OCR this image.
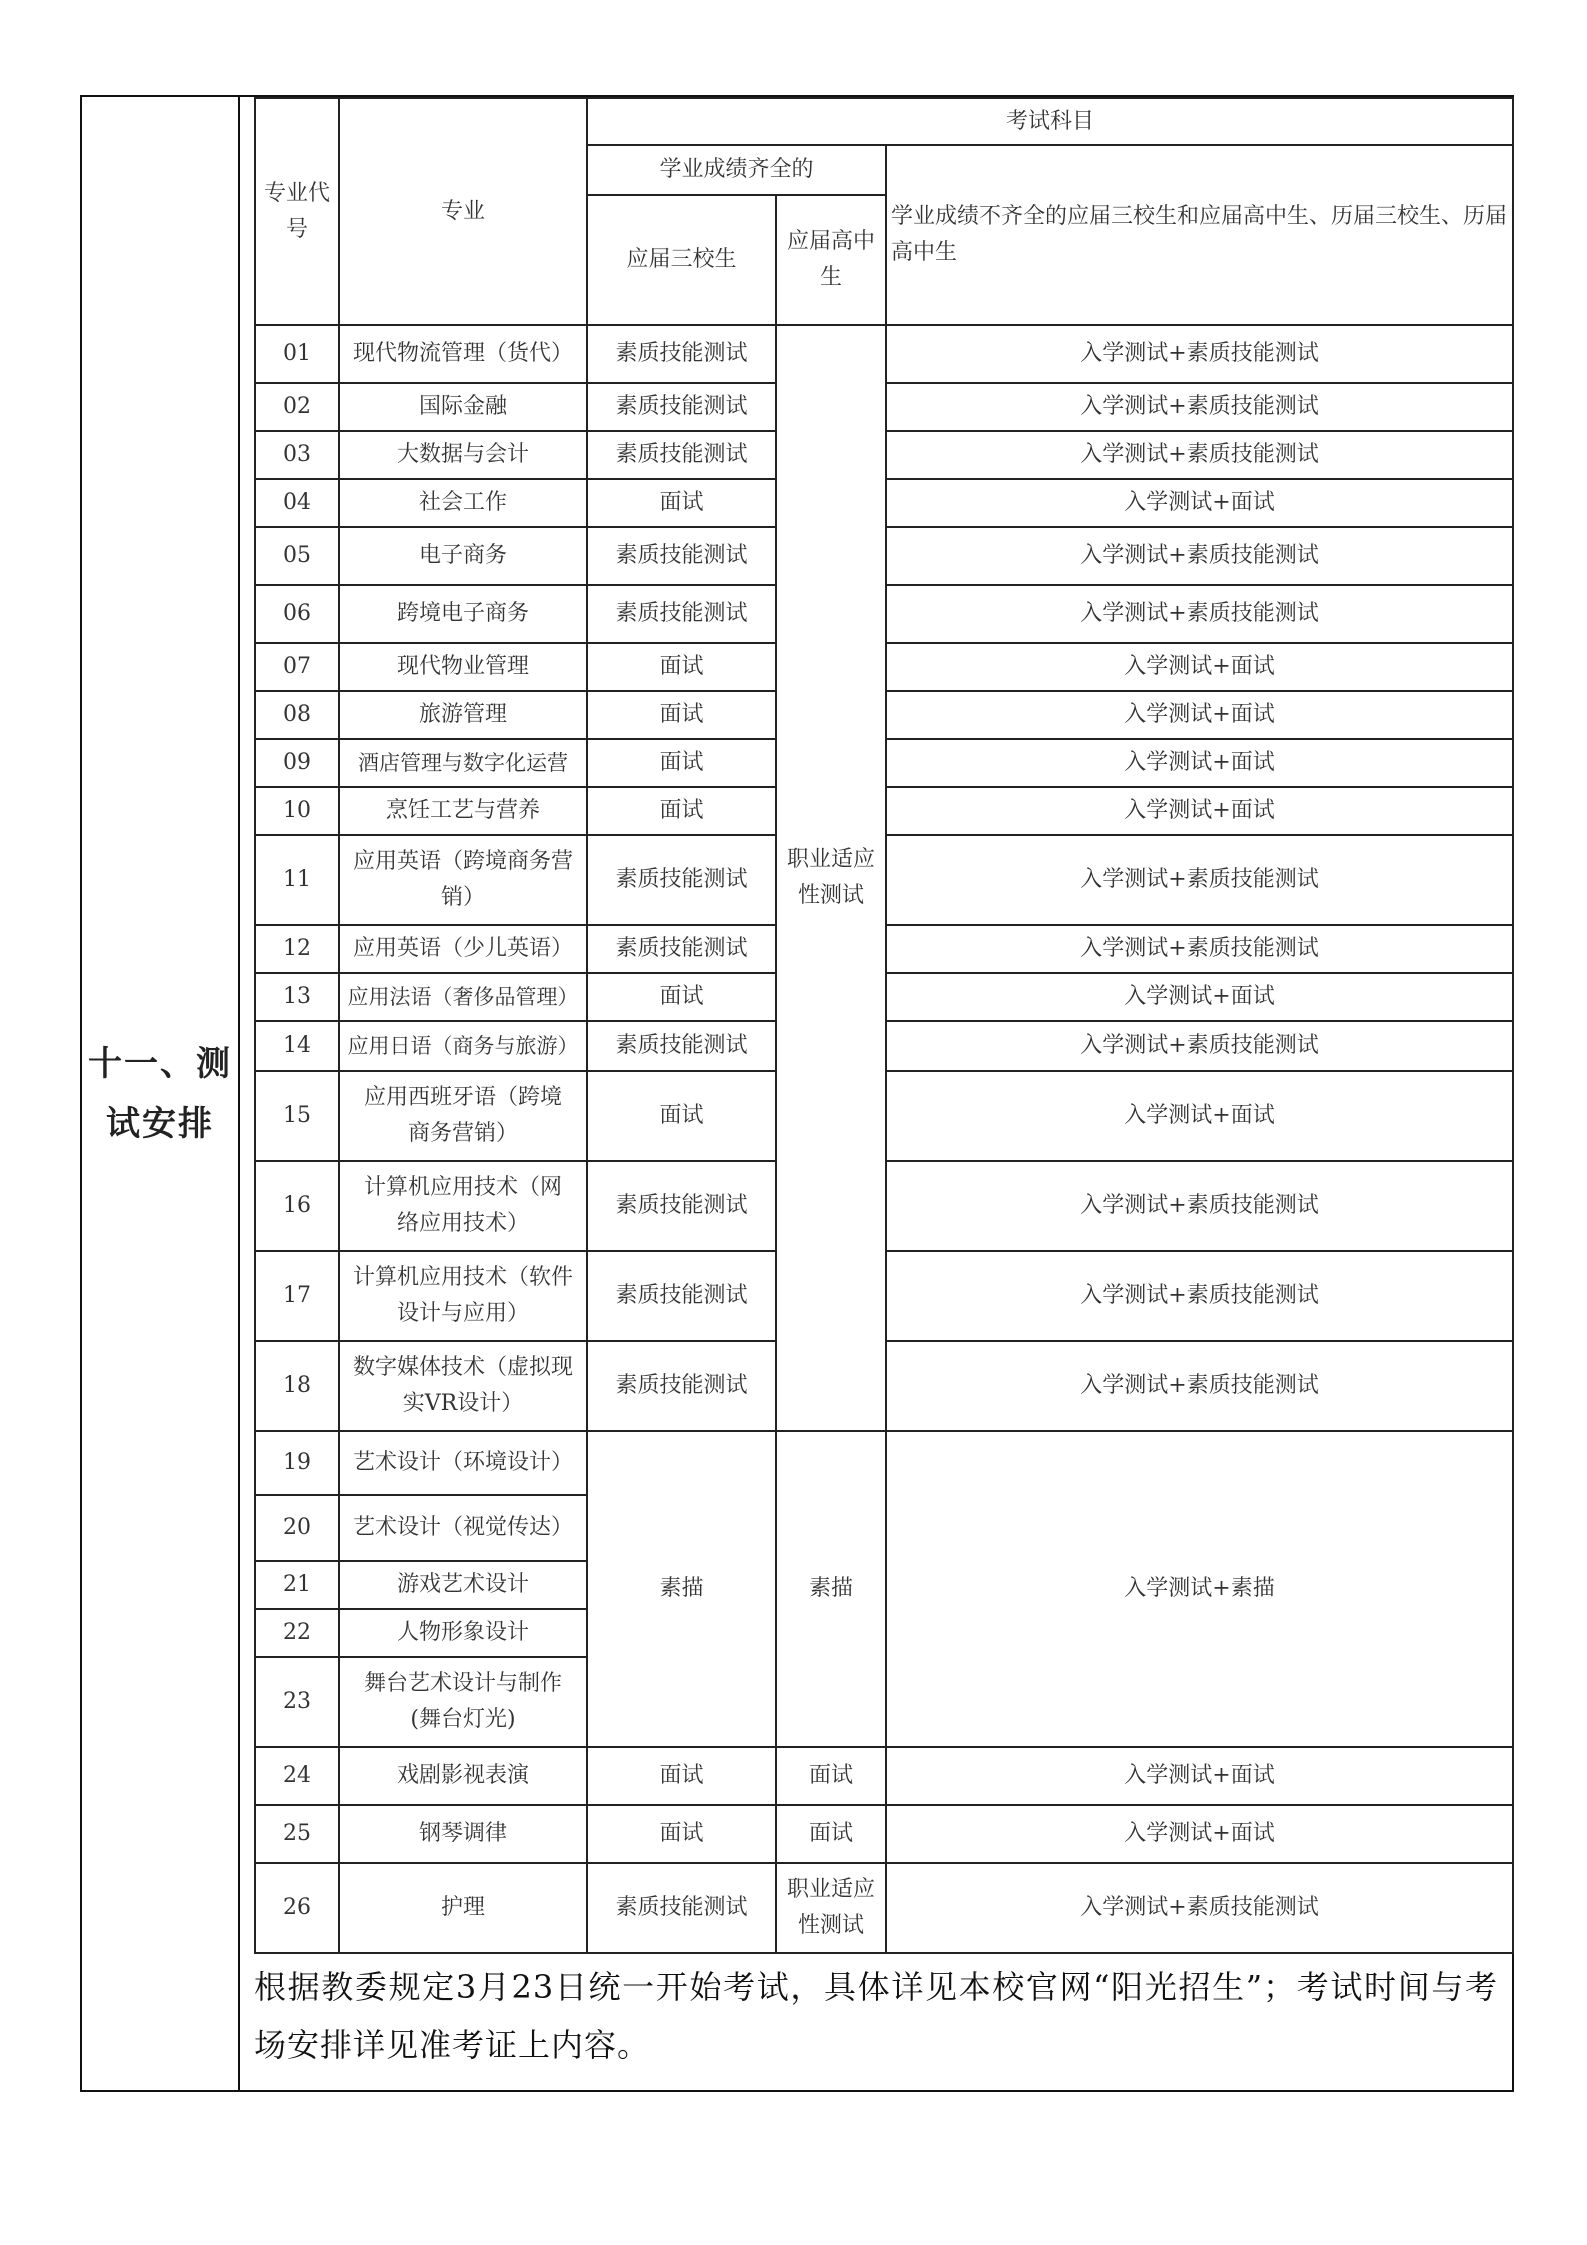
十一、测试安排	
专业代号	专业	考试科目
学业成绩齐全的	学业成绩不齐全的应届三校生和应届高中生、历届三校生、历届高中生
应届三校生	应届高中生
01	现代物流管理（货代）	素质技能测试	职业适应性测试	入学测试+素质技能测试
02	国际金融	素质技能测试	入学测试+素质技能测试
03	大数据与会计	素质技能测试	入学测试+素质技能测试
04	社会工作	面试	入学测试+面试
05	电子商务	素质技能测试	入学测试+素质技能测试
06	跨境电子商务	素质技能测试	入学测试+素质技能测试
07	现代物业管理	面试	入学测试+面试
08	旅游管理	面试	入学测试+面试
09	酒店管理与数字化运营	面试	入学测试+面试
10	烹饪工艺与营养	面试	入学测试+面试
11	应用英语（跨境商务营销）	素质技能测试	入学测试+素质技能测试
12	应用英语（少儿英语）	素质技能测试	入学测试+素质技能测试
13	应用法语（奢侈品管理）	面试	入学测试+面试
14	应用日语（商务与旅游）	素质技能测试	入学测试+素质技能测试
15	应用西班牙语（跨境商务营销）	面试	入学测试+面试
16	计算机应用技术（网络应用技术）	素质技能测试	入学测试+素质技能测试
17	计算机应用技术（软件设计与应用）	素质技能测试	入学测试+素质技能测试
18	数字媒体技术（虚拟现实VR设计）	素质技能测试	入学测试+素质技能测试
19	艺术设计（环境设计）	素描	素描	入学测试+素描
20	艺术设计（视觉传达）
21	游戏艺术设计
22	人物形象设计
23	舞台艺术设计与制作(舞台灯光)
24	戏剧影视表演	面试	面试	入学测试+面试
25	钢琴调律	面试	面试	入学测试+面试
26	护理	素质技能测试	职业适应性测试	入学测试+素质技能测试
根据教委规定3月23日统一开始考试，具体详见本校官网“阳光招生”；考试时间与考场安排详见准考证上内容。
